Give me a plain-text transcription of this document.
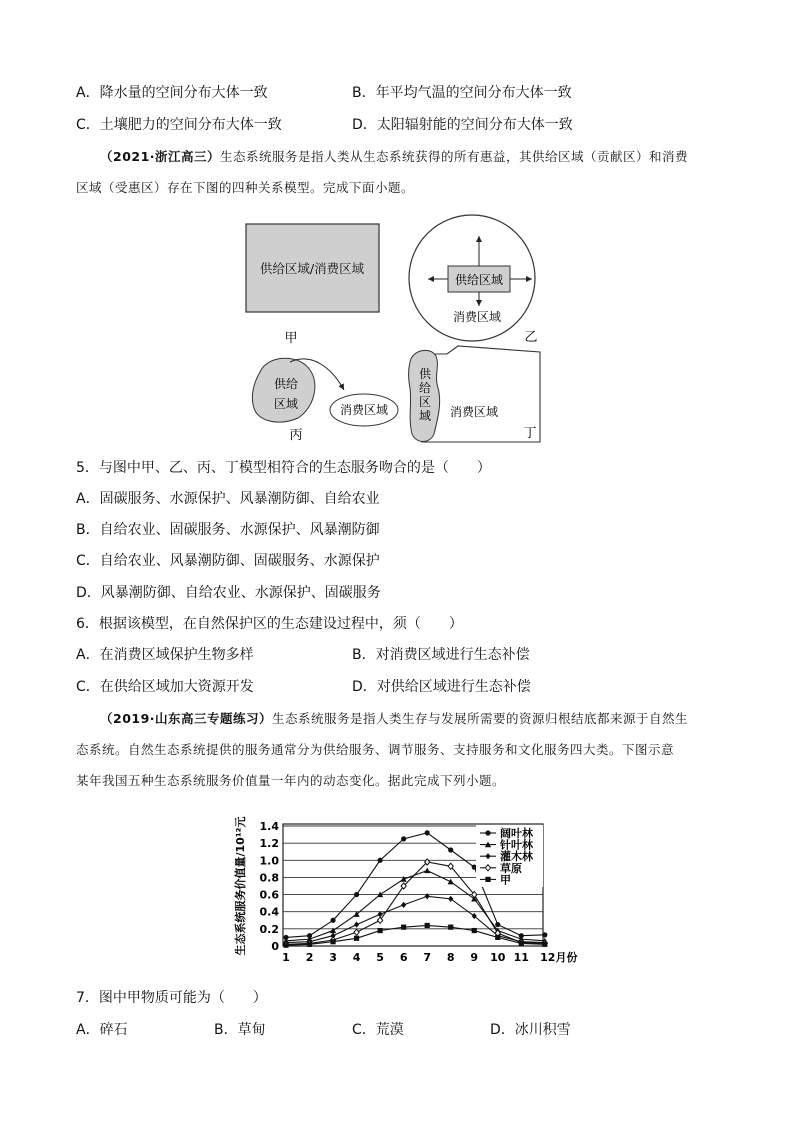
A．降水量的空间分布大体一致	B．年平均气温的空间分布大体一致
C．土壤肥力的空间分布大体一致	D．太阳辐射能的空间分布大体一致
（2021·浙江高三）生态系统服务是指人类从生态系统获得的所有惠益，其供给区域（贡献区）和消费
区域（受惠区）存在下图的四种关系模型。完成下面小题。
供给区域/消费区域
甲
供给区域
消费区域
乙
供给
区域	消费区域
丙
供
给
区
域 消费区域
丁
5．与图中甲、乙、丙、丁模型相符合的生态服务吻合的是（　　）
A．固碳服务、水源保护、风暴潮防御、自给农业
B．自给农业、固碳服务、水源保护、风暴潮防御
C．自给农业、风暴潮防御、固碳服务、水源保护
D．风暴潮防御、自给农业、水源保护、固碳服务
6．根据该模型，在自然保护区的生态建设过程中，须（　　）
A．在消费区域保护生物多样	B．对消费区域进行生态补偿
C．在供给区域加大资源开发	D．对供给区域进行生态补偿
（2019·山东高三专题练习）生态系统服务是指人类生存与发展所需要的资源归根结底都来源于自然生
态系统。自然生态系统提供的服务通常分为供给服务、调节服务、支持服务和文化服务四大类。下图示意
某年我国五种生态系统服务价值量一年内的动态变化。据此完成下列小题。
生态系统服务价值量/10¹²元 0
0.2
0.4
0.6
0.8
1.0
1.2
1.4
1 2 3 4 5 6 7 8 9 10 11 12月份
阔叶林
针叶林
灌木林
草原
甲
7．图中甲物质可能为（　　）
A．碎石	B．草甸	C．荒漠	D．冰川积雪
